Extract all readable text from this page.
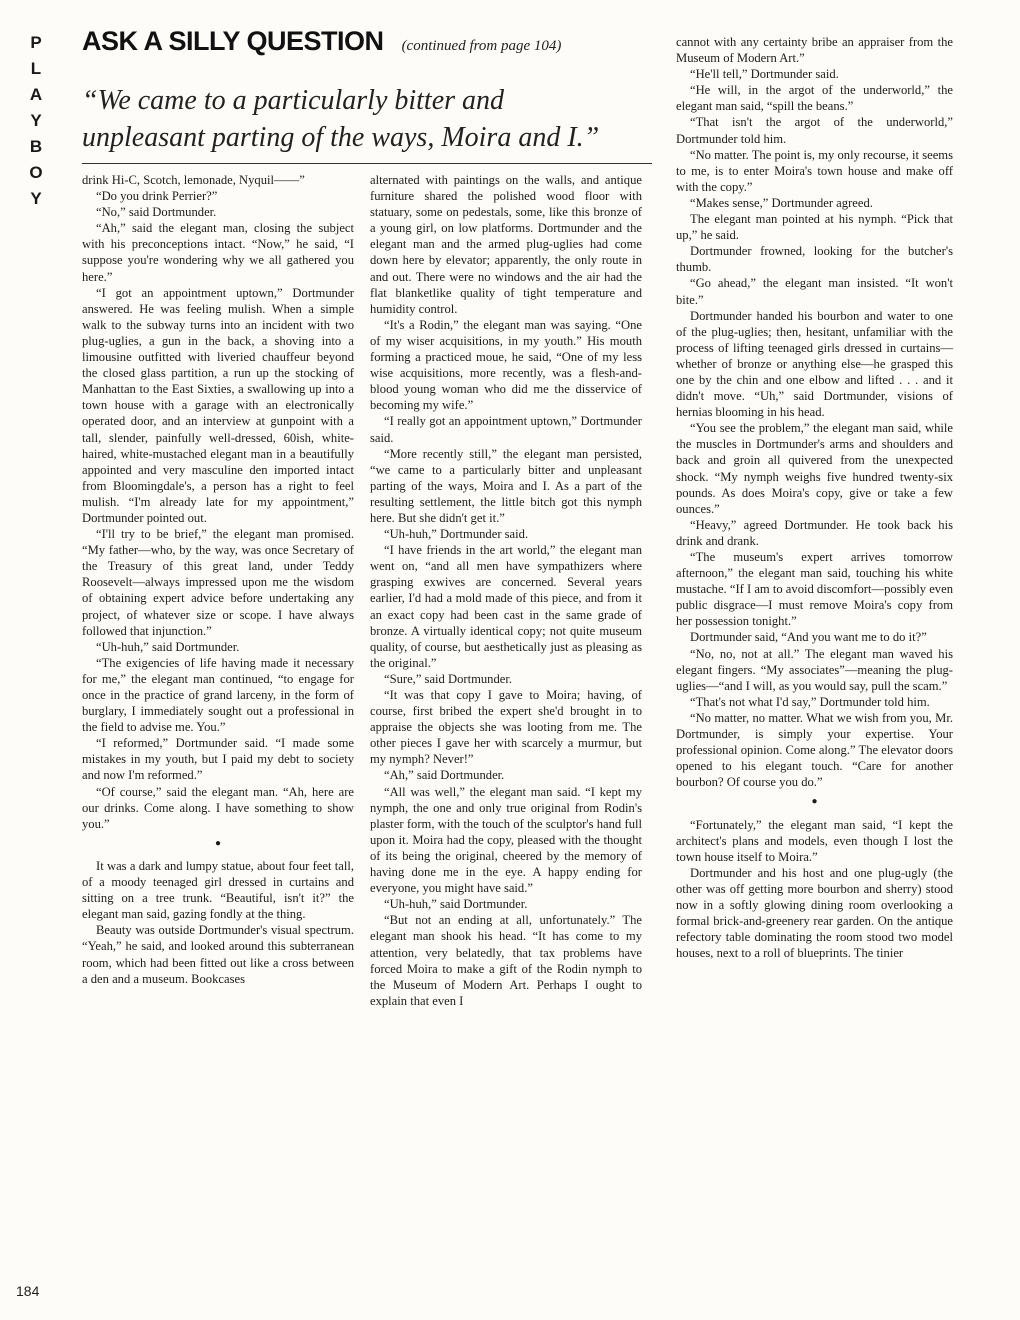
P
L
A
Y
B
O
Y
184
ASK A SILLY QUESTION (continued from page 104)
“We came to a particularly bitter and unpleasant parting of the ways, Moira and I.”

drink Hi-C, Scotch, lemonade, Nyquil——”

“Do you drink Perrier?”

“No,” said Dortmunder.

“Ah,” said the elegant man, closing the subject with his preconceptions intact. “Now,” he said, “I suppose you're wondering why we all gathered you here.”

“I got an appointment uptown,” Dortmunder answered. He was feeling mulish. When a simple walk to the subway turns into an incident with two plug-uglies, a gun in the back, a shoving into a limousine outfitted with liveried chauffeur beyond the closed glass partition, a run up the stocking of Manhattan to the East Sixties, a swallowing up into a town house with a garage with an electronically operated door, and an interview at gunpoint with a tall, slender, painfully well-dressed, 60ish, white-haired, white-mustached elegant man in a beautifully appointed and very masculine den imported intact from Bloomingdale's, a person has a right to feel mulish. “I'm already late for my appointment,” Dortmunder pointed out.

“I'll try to be brief,” the elegant man promised. “My father—who, by the way, was once Secretary of the Treasury of this great land, under Teddy Roosevelt—always impressed upon me the wisdom of obtaining expert advice before undertaking any project, of whatever size or scope. I have always followed that injunction.”

“Uh-huh,” said Dortmunder.

“The exigencies of life having made it necessary for me,” the elegant man continued, “to engage for once in the practice of grand larceny, in the form of burglary, I immediately sought out a professional in the field to advise me. You.”

“I reformed,” Dortmunder said. “I made some mistakes in my youth, but I paid my debt to society and now I'm reformed.”

“Of course,” said the elegant man. “Ah, here are our drinks. Come along. I have something to show you.”

●

It was a dark and lumpy statue, about four feet tall, of a moody teenaged girl dressed in curtains and sitting on a tree trunk. “Beautiful, isn't it?” the elegant man said, gazing fondly at the thing.

Beauty was outside Dortmunder's visual spectrum. “Yeah,” he said, and looked around this subterranean room, which had been fitted out like a cross between a den and a museum. Bookcases

alternated with paintings on the walls, and antique furniture shared the polished wood floor with statuary, some on pedestals, some, like this bronze of a young girl, on low platforms. Dortmunder and the elegant man and the armed plug-uglies had come down here by elevator; apparently, the only route in and out. There were no windows and the air had the flat blanketlike quality of tight temperature and humidity control.

“It's a Rodin,” the elegant man was saying. “One of my wiser acquisitions, in my youth.” His mouth forming a practiced moue, he said, “One of my less wise acquisitions, more recently, was a flesh-and-blood young woman who did me the disservice of becoming my wife.”

“I really got an appointment uptown,” Dortmunder said.

“More recently still,” the elegant man persisted, “we came to a particularly bitter and unpleasant parting of the ways, Moira and I. As a part of the resulting settlement, the little bitch got this nymph here. But she didn't get it.”

“Uh-huh,” Dortmunder said.

“I have friends in the art world,” the elegant man went on, “and all men have sympathizers where grasping exwives are concerned. Several years earlier, I'd had a mold made of this piece, and from it an exact copy had been cast in the same grade of bronze. A virtually identical copy; not quite museum quality, of course, but aesthetically just as pleasing as the original.”

“Sure,” said Dortmunder.

“It was that copy I gave to Moira; having, of course, first bribed the expert she'd brought in to appraise the objects she was looting from me. The other pieces I gave her with scarcely a murmur, but my nymph? Never!”

“Ah,” said Dortmunder.

“All was well,” the elegant man said. “I kept my nymph, the one and only true original from Rodin's plaster form, with the touch of the sculptor's hand full upon it. Moira had the copy, pleased with the thought of its being the original, cheered by the memory of having done me in the eye. A happy ending for everyone, you might have said.”

“Uh-huh,” said Dortmunder.

“But not an ending at all, unfortunately.” The elegant man shook his head. “It has come to my attention, very belatedly, that tax problems have forced Moira to make a gift of the Rodin nymph to the Museum of Modern Art. Perhaps I ought to explain that even I

cannot with any certainty bribe an appraiser from the Museum of Modern Art.”

“He'll tell,” Dortmunder said.

“He will, in the argot of the underworld,” the elegant man said, “spill the beans.”

“That isn't the argot of the underworld,” Dortmunder told him.

“No matter. The point is, my only recourse, it seems to me, is to enter Moira's town house and make off with the copy.”

“Makes sense,” Dortmunder agreed.

The elegant man pointed at his nymph. “Pick that up,” he said.

Dortmunder frowned, looking for the butcher's thumb.

“Go ahead,” the elegant man insisted. “It won't bite.”

Dortmunder handed his bourbon and water to one of the plug-uglies; then, hesitant, unfamiliar with the process of lifting teenaged girls dressed in curtains—whether of bronze or anything else—he grasped this one by the chin and one elbow and lifted . . . and it didn't move. “Uh,” said Dortmunder, visions of hernias blooming in his head.

“You see the problem,” the elegant man said, while the muscles in Dortmunder's arms and shoulders and back and groin all quivered from the unexpected shock. “My nymph weighs five hundred twenty-six pounds. As does Moira's copy, give or take a few ounces.”

“Heavy,” agreed Dortmunder. He took back his drink and drank.

“The museum's expert arrives tomorrow afternoon,” the elegant man said, touching his white mustache. “If I am to avoid discomfort—possibly even public disgrace—I must remove Moira's copy from her possession tonight.”

Dortmunder said, “And you want me to do it?”

“No, no, not at all.” The elegant man waved his elegant fingers. “My associates”—meaning the plug-uglies—“and I will, as you would say, pull the scam.”

“That's not what I'd say,” Dortmunder told him.

“No matter, no matter. What we wish from you, Mr. Dortmunder, is simply your expertise. Your professional opinion. Come along.” The elevator doors opened to his elegant touch. “Care for another bourbon? Of course you do.”

●

“Fortunately,” the elegant man said, “I kept the architect's plans and models, even though I lost the town house itself to Moira.”

Dortmunder and his host and one plug-ugly (the other was off getting more bourbon and sherry) stood now in a softly glowing dining room overlooking a formal brick-and-greenery rear garden. On the antique refectory table dominating the room stood two model houses, next to a roll of blueprints. The tinier
